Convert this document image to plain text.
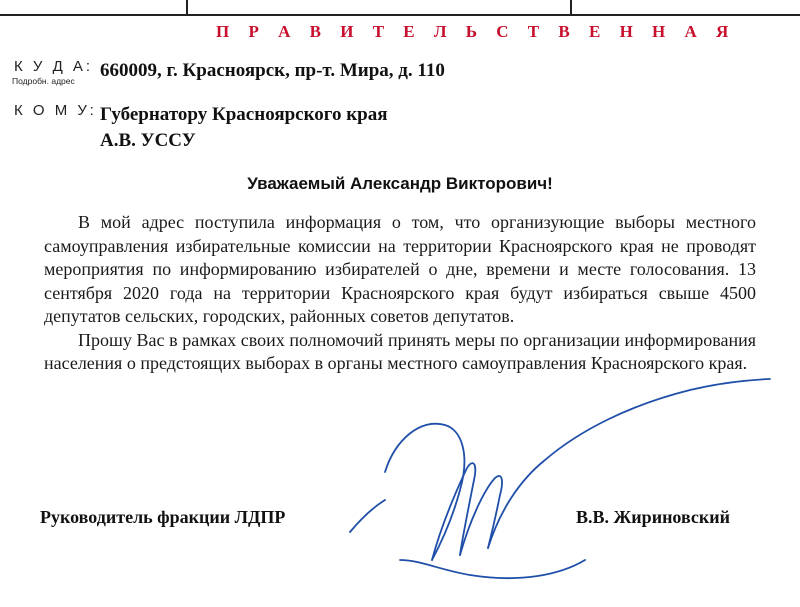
П Р А В И Т Е Л Ь С Т В Е Н Н А Я
К У Д А:
Подробн. адрес 660009, г. Красноярск, пр-т. Мира, д. 110
К О М У: Губернатору Красноярского края
А.В. УССУ
Уважаемый Александр Викторович!

В мой адрес поступила информация о том, что организующие выборы местного самоуправления избирательные комиссии на территории Красноярского края не проводят мероприятия по информированию избирателей о дне, времени и месте голосования. 13 сентября 2020 года на территории Красноярского края будут избираться свыше 4500 депутатов сельских, городских, районных советов депутатов.

Прошу Вас в рамках своих полномочий принять меры по организации информирования населения о предстоящих выборах в органы местного самоуправления Красноярского края.

Руководитель фракции ЛДПР	В.В. Жириновский
